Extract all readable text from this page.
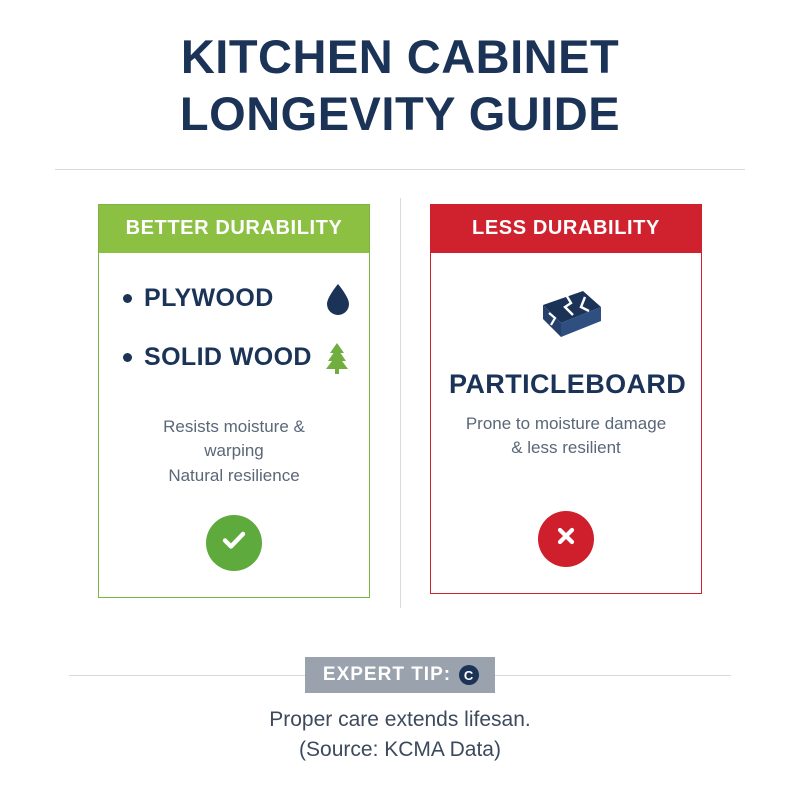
KITCHEN CABINET
LONGEVITY GUIDE
BETTER DURABILITY
PLYWOOD
SOLID WOOD
Resists moisture &
warping
Natural resilience
LESS DURABILITY
PARTICLEBOARD
Prone to moisture damage
& less resilient
EXPERT TIP: C
Proper care extends lifesan.
(Source: KCMA Data)
